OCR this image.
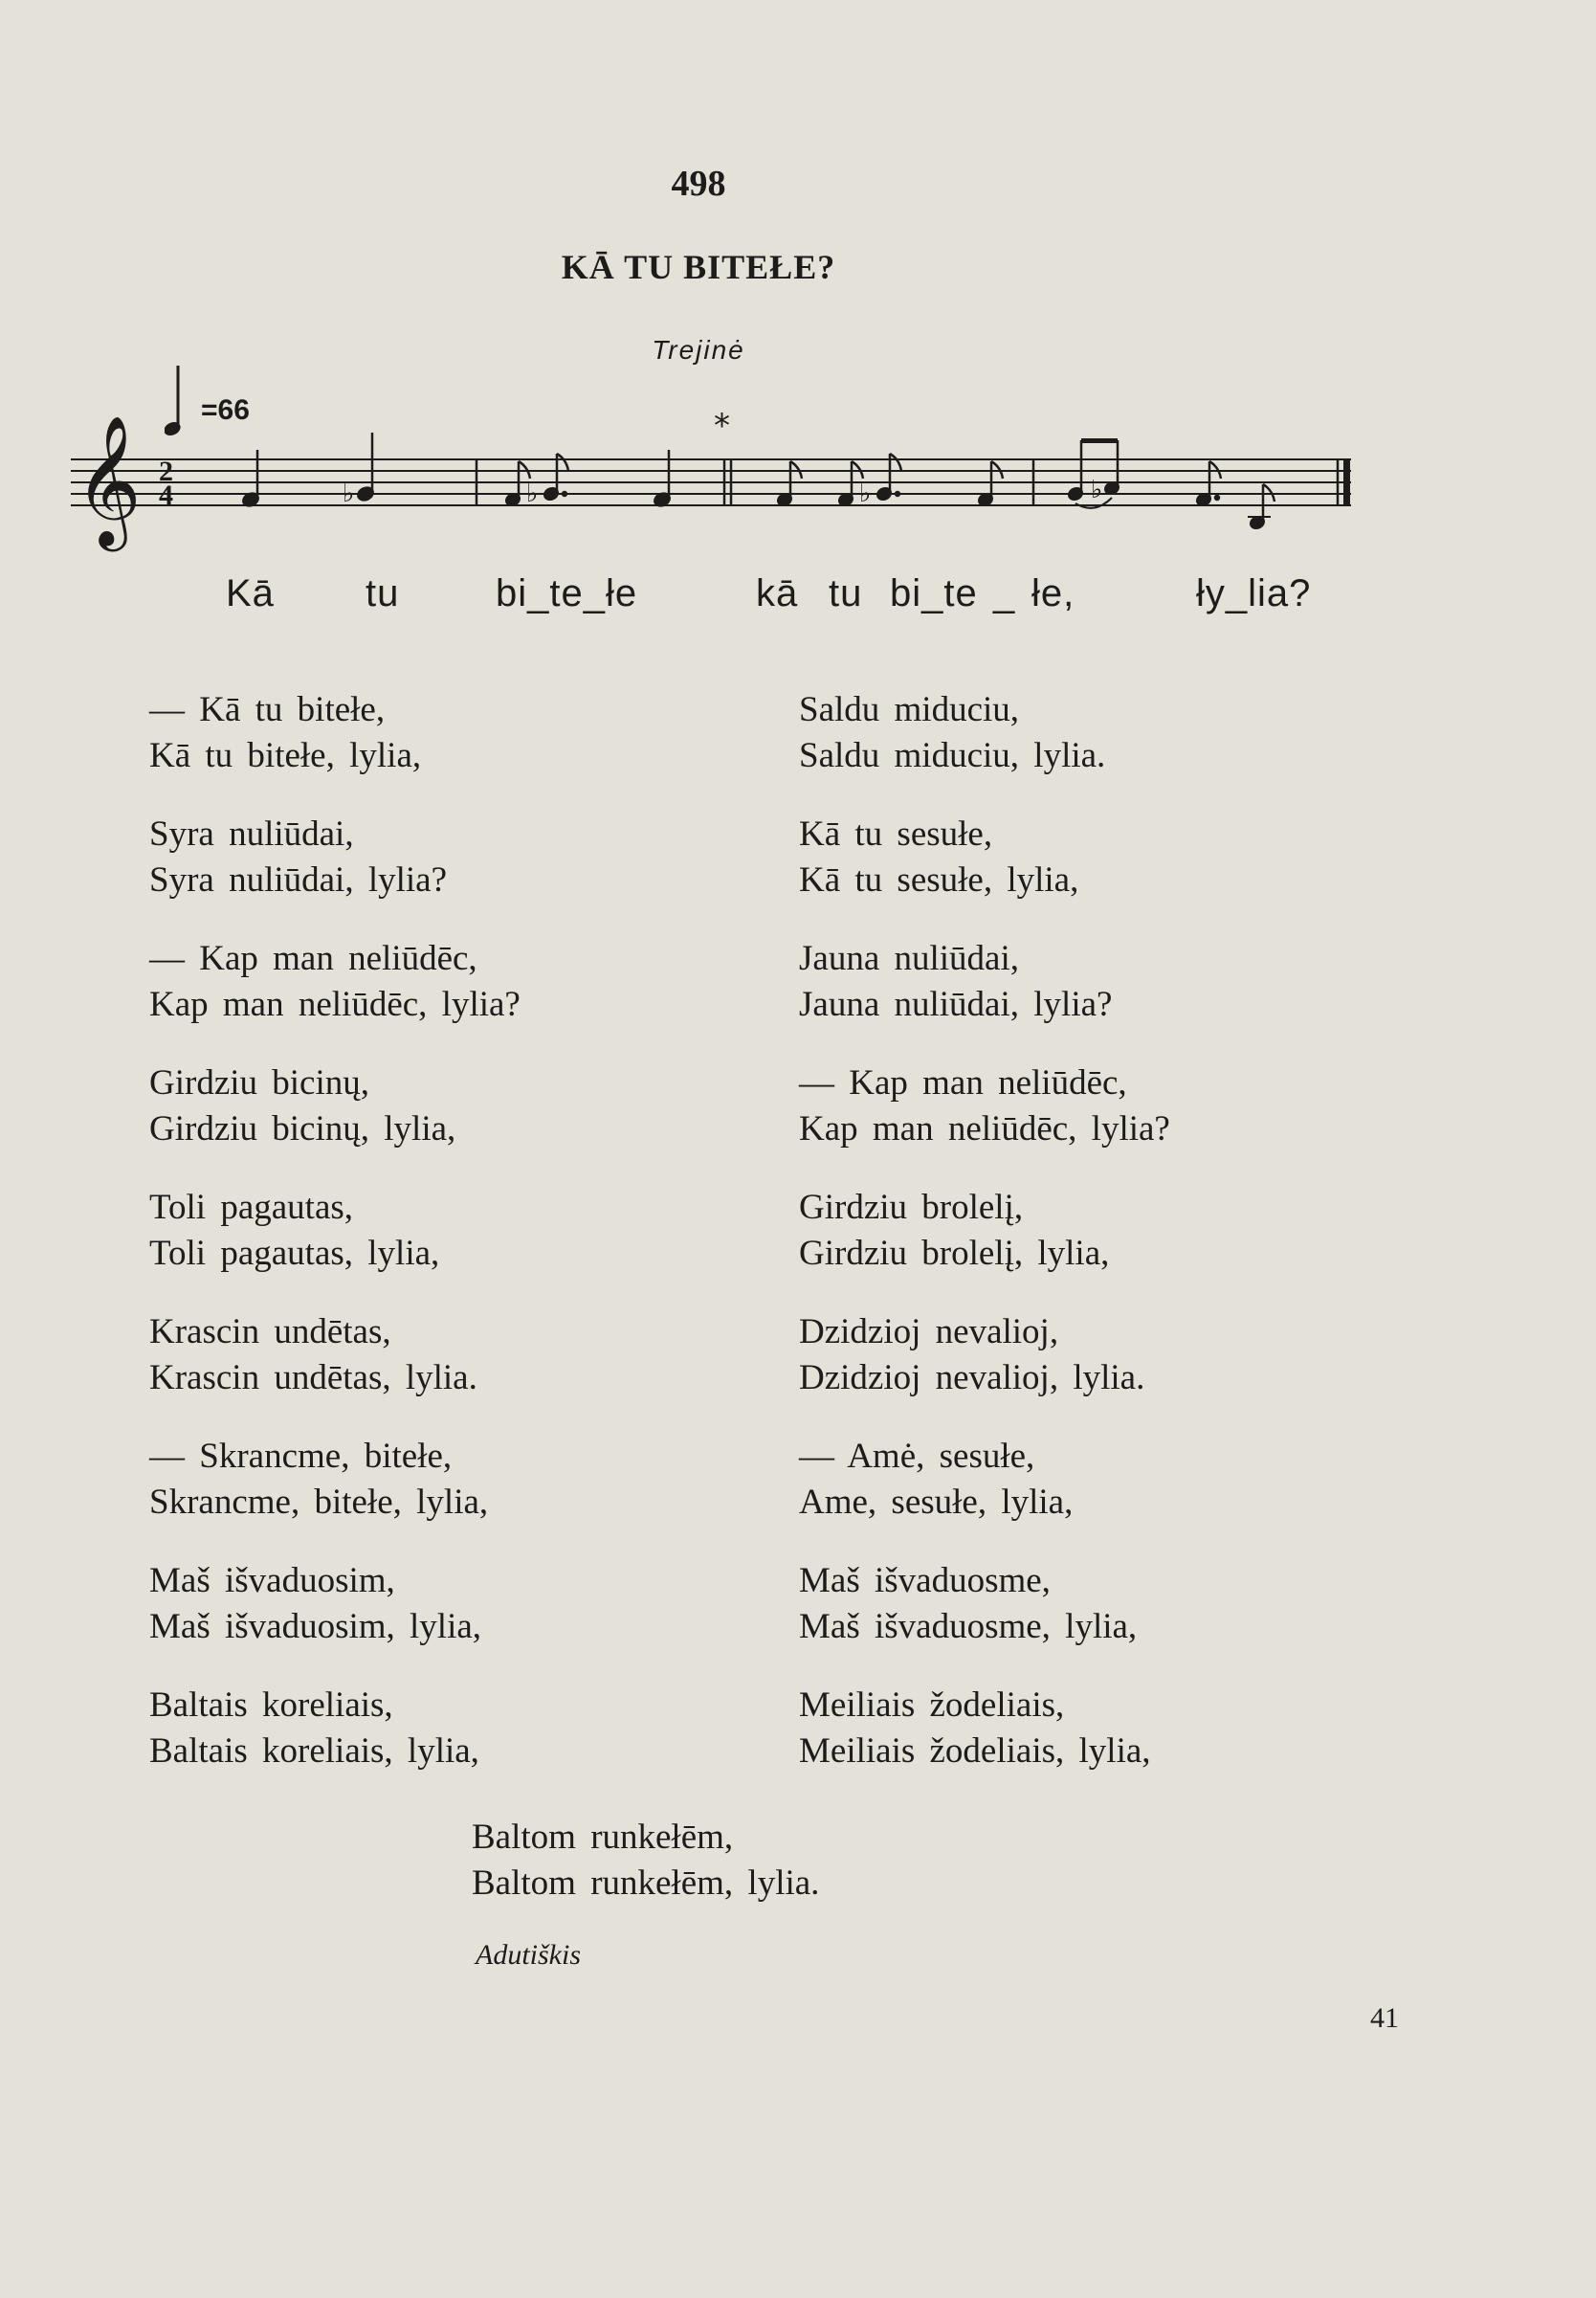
498
KĀ TU BITEŁE?
Trejinė
=66
𝄞 2
4
*
♭	♭	♭	♭
Kā tu	bi_te_łe	kā tu bi_te _ łe,	ły_lia?
— Kā tu bitełe,
Kā tu bitełe, lylia,
Syra nuliūdai,
Syra nuliūdai, lylia?
— Kap man neliūdēc,
Kap man neliūdēc, lylia?
Girdziu bicinų,
Girdziu bicinų, lylia,
Toli pagautas,
Toli pagautas, lylia,
Krascin undētas,
Krascin undētas, lylia.
— Skrancme, bitełe,
Skrancme, bitełe, lylia,
Maš išvaduosim,
Maš išvaduosim, lylia,
Baltais koreliais,
Baltais koreliais, lylia,
Saldu miduciu,
Saldu miduciu, lylia.
Kā tu sesułe,
Kā tu sesułe, lylia,
Jauna nuliūdai,
Jauna nuliūdai, lylia?
— Kap man neliūdēc,
Kap man neliūdēc, lylia?
Girdziu brolelį,
Girdziu brolelį, lylia,
Dzidzioj nevalioj,
Dzidzioj nevalioj, lylia.
— Amė, sesułe,
Ame, sesułe, lylia,
Maš išvaduosme,
Maš išvaduosme, lylia,
Meiliais žodeliais,
Meiliais žodeliais, lylia,
Baltom runkełēm,
Baltom runkełēm, lylia.
Adutiškis
41
